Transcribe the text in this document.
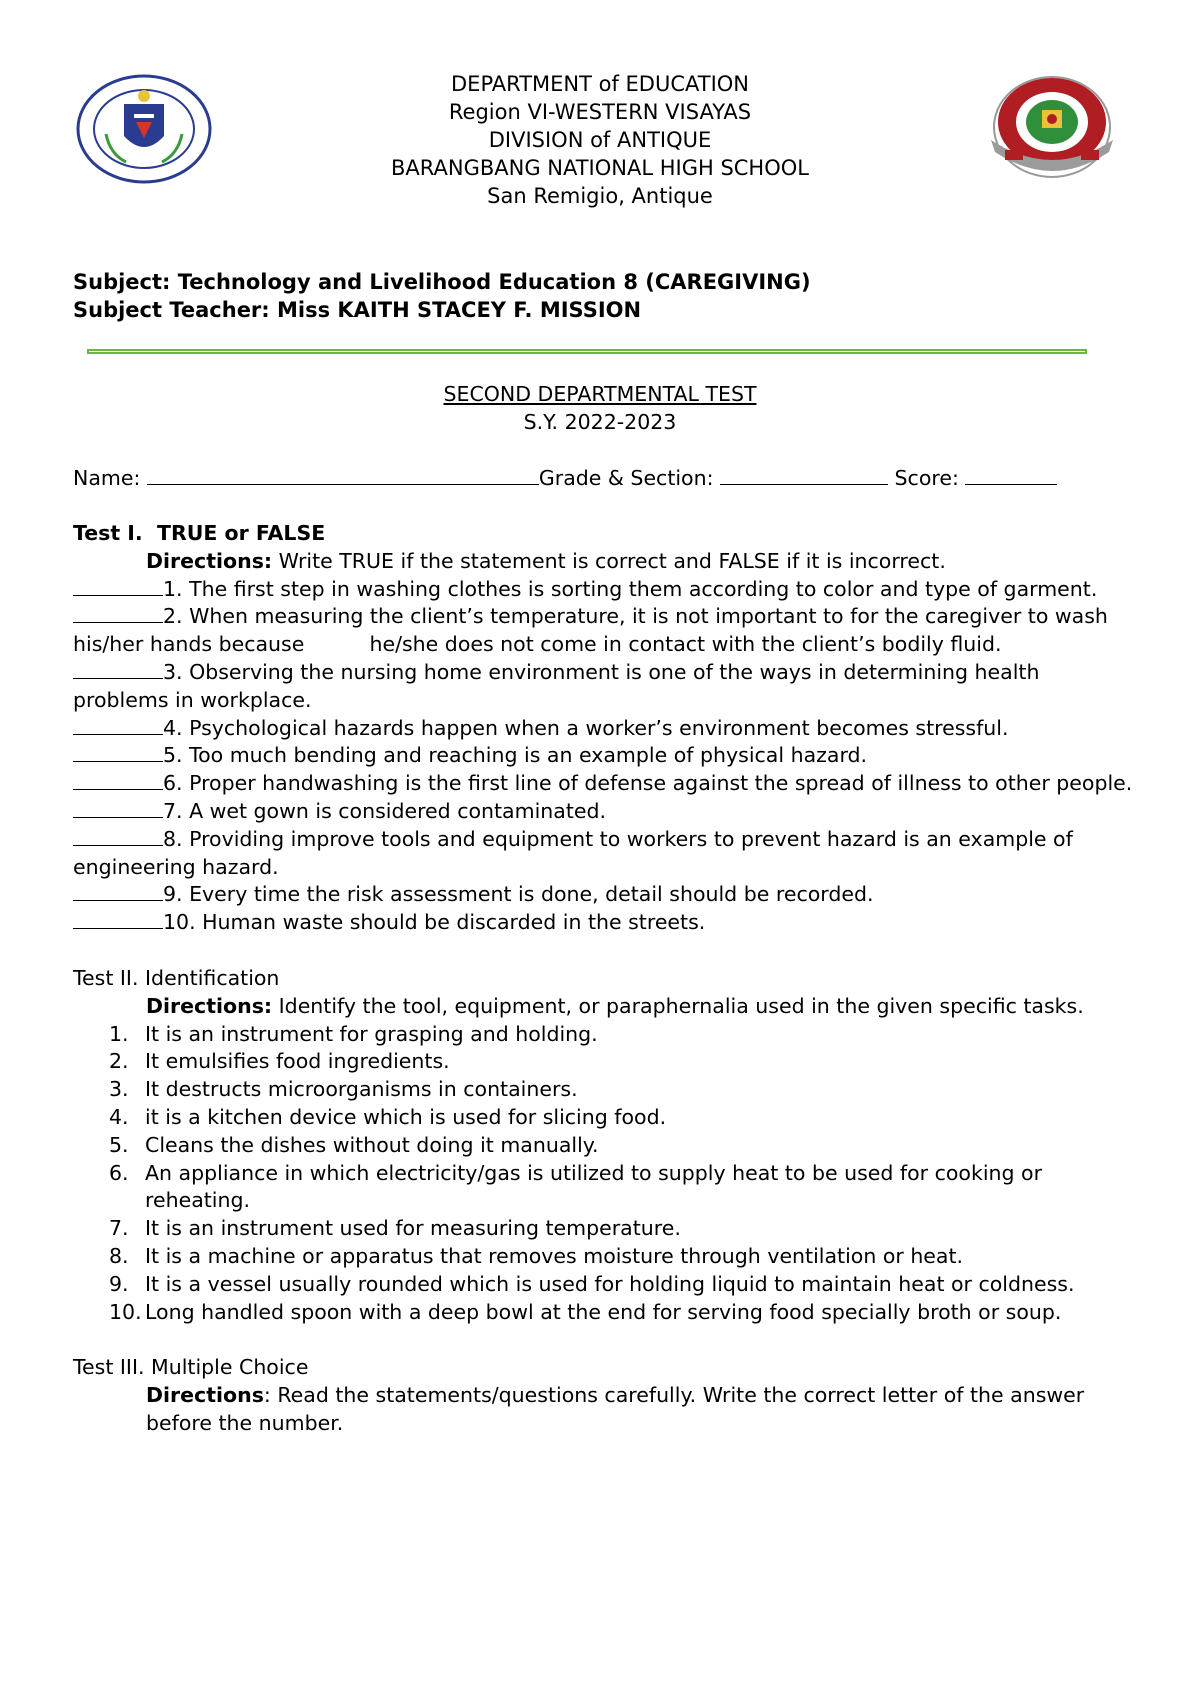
DEPARTMENT of EDUCATION
Region VI-WESTERN VISAYAS
DIVISION of ANTIQUE
BARANGBANG NATIONAL HIGH SCHOOL
San Remigio, Antique
Subject: Technology and Livelihood Education 8 (CAREGIVING)
Subject Teacher: Miss KAITH STACEY F. MISSION
SECOND DEPARTMENTAL TEST
S.Y. 2022-2023
Name:	Grade & Section:	Score:

Test I.  TRUE or FALSE

Directions: Write TRUE if the statement is correct and FALSE if it is incorrect.

1. The first step in washing clothes is sorting them according to color and type of garment.

2. When measuring the client’s temperature, it is not important to for the caregiver to wash his/her hands because          he/she does not come in contact with the client’s bodily fluid.

3. Observing the nursing home environment is one of the ways in determining health problems in workplace.

4. Psychological hazards happen when a worker’s environment becomes stressful.

5. Too much bending and reaching is an example of physical hazard.

6. Proper handwashing is the first line of defense against the spread of illness to other people.

7. A wet gown is considered contaminated.

8. Providing improve tools and equipment to workers to prevent hazard is an example of engineering hazard.

9. Every time the risk assessment is done, detail should be recorded.

10. Human waste should be discarded in the streets.

Test II. Identification

Directions: Identify the tool, equipment, or paraphernalia used in the given specific tasks.

1. It is an instrument for grasping and holding.
2. It emulsifies food ingredients.
3. It destructs microorganisms in containers.
4. it is a kitchen device which is used for slicing food.
5. Cleans the dishes without doing it manually.
6. An appliance in which electricity/gas is utilized to supply heat to be used for cooking or reheating.
7. It is an instrument used for measuring temperature.
8. It is a machine or apparatus that removes moisture through ventilation or heat.
9. It is a vessel usually rounded which is used for holding liquid to maintain heat or coldness.
10. Long handled spoon with a deep bowl at the end for serving food specially broth or soup.

Test III. Multiple Choice

Directions: Read the statements/questions carefully. Write the correct letter of the answer before the number.
